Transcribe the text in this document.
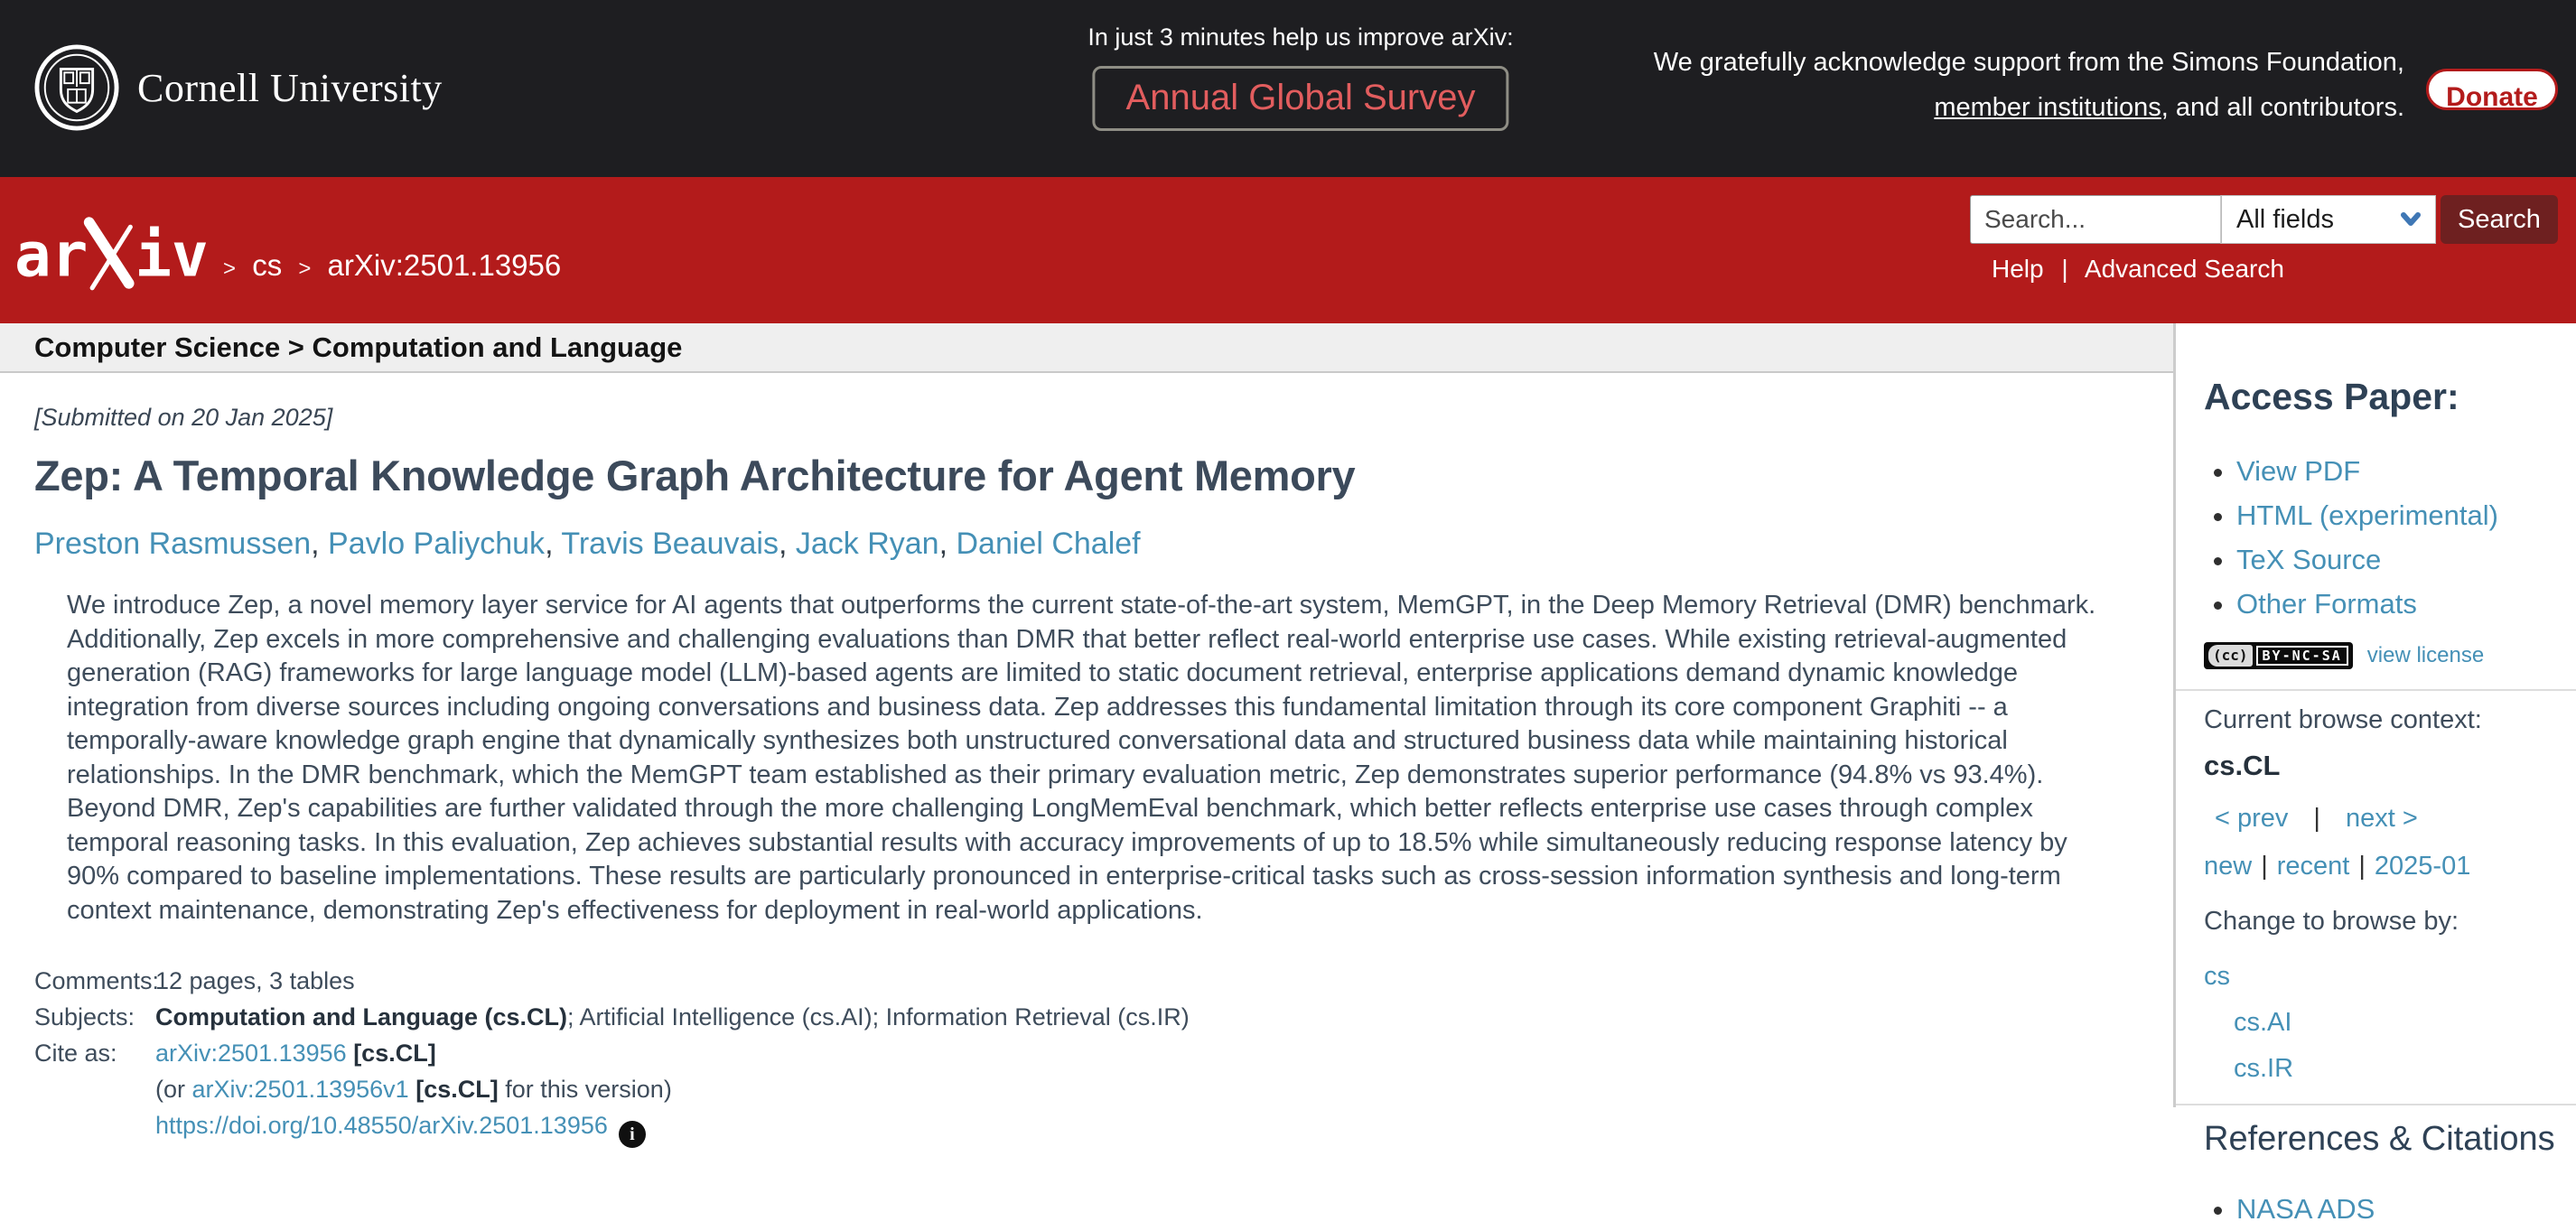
Cornell University
In just 3 minutes help us improve arXiv:
Annual Global Survey
We gratefully acknowledge support from the Simons Foundation,
member institutions, and all contributors.	Donate
ar iv > cs > arXiv:2501.13956
Search...
All fields	Search
Help | Advanced Search
Computer Science > Computation and Language
[Submitted on 20 Jan 2025]
Zep: A Temporal Knowledge Graph Architecture for Agent Memory
Preston Rasmussen, Pavlo Paliychuk, Travis Beauvais, Jack Ryan, Daniel Chalef

We introduce Zep, a novel memory layer service for AI agents that outperforms the current state-of-the-art system, MemGPT, in the Deep Memory Retrieval (DMR) benchmark. Additionally, Zep excels in more comprehensive and challenging evaluations than DMR that better reflect real-world enterprise use cases. While existing retrieval-augmented generation (RAG) frameworks for large language model (LLM)-based agents are limited to static document retrieval, enterprise applications demand dynamic knowledge integration from diverse sources including ongoing conversations and business data. Zep addresses this fundamental limitation through its core component Graphiti -- a temporally-aware knowledge graph engine that dynamically synthesizes both unstructured conversational data and structured business data while maintaining historical relationships. In the DMR benchmark, which the MemGPT team established as their primary evaluation metric, Zep demonstrates superior performance (94.8% vs 93.4%). Beyond DMR, Zep's capabilities are further validated through the more challenging LongMemEval benchmark, which better reflects enterprise use cases through complex temporal reasoning tasks. In this evaluation, Zep achieves substantial results with accuracy improvements of up to 18.5% while simultaneously reducing response latency by 90% compared to baseline implementations. These results are particularly pronounced in enterprise-critical tasks such as cross-session information synthesis and long-term context maintenance, demonstrating Zep's effectiveness for deployment in real-world applications.

Comments:
12 pages, 3 tables
Subjects: Computation and Language (cs.CL); Artificial Intelligence (cs.AI); Information Retrieval (cs.IR)
Cite as:	arXiv:2501.13956 [cs.CL]
(or arXiv:2501.13956v1 [cs.CL] for this version)
https://doi.org/10.48550/arXiv.2501.13956 i
Access Paper:
• View PDF
• HTML (experimental)
• TeX Source
• Other Formats
(cc)	BY-NC-SA view license
Current browse context:
cs.CL
< prev | next >
new | recent | 2025-01
Change to browse by:
cs
cs.AI
cs.IR
References & Citations
• NASA ADS
